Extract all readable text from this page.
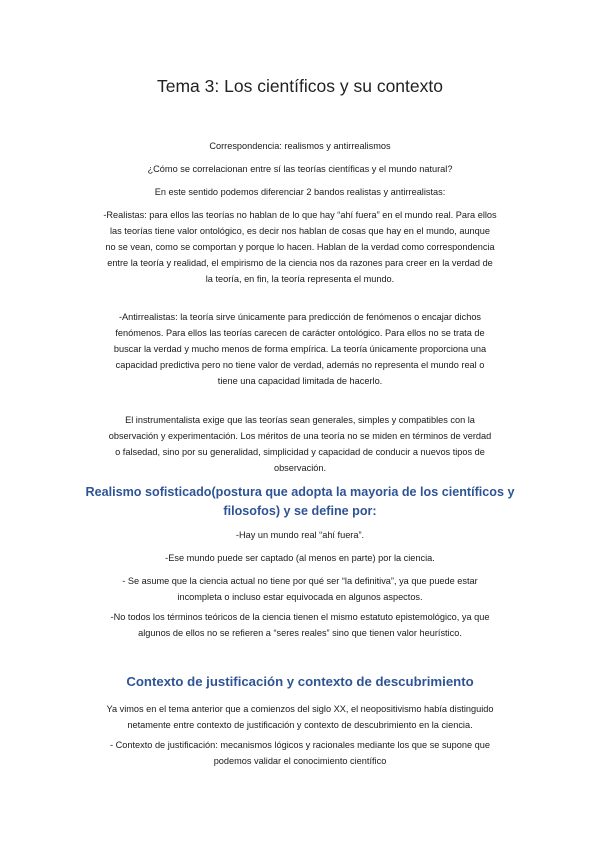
Tema 3: Los científicos y su contexto

Correspondencia: realismos y antirrealismos

¿Cómo se correlacionan entre sí las teorías científicas y el mundo natural?

En este sentido podemos diferenciar 2 bandos realistas y antirrealistas:

-Realistas: para ellos las teorías no hablan de lo que hay “ahí fuera” en el mundo real. Para ellos
las teorías tiene valor ontológico, es decir nos hablan de cosas que hay en el mundo, aunque
no se vean, como se comportan y porque lo hacen. Hablan de la verdad como correspondencia
entre la teoría y realidad, el empirismo de la ciencia nos da razones para creer en la verdad de
la teoría, en fin, la teoría representa el mundo.

-Antirrealistas: la teoría sirve únicamente para predicción de fenómenos o encajar dichos
fenómenos. Para ellos las teorías carecen de carácter ontológico. Para ellos no se trata de
buscar la verdad y mucho menos de forma empírica. La teoría únicamente proporciona una
capacidad predictiva pero no tiene valor de verdad, además no representa el mundo real o
tiene una capacidad limitada de hacerlo.

El instrumentalista exige que las teorías sean generales, simples y compatibles con la
observación y experimentación. Los méritos de una teoría no se miden en términos de verdad
o falsedad, sino por su generalidad, simplicidad y capacidad de conducir a nuevos tipos de
observación.

Realismo sofisticado(postura que adopta la mayoria de los científicos y
filosofos) y se define por:

-Hay un mundo real “ahí fuera”.

-Ese mundo puede ser captado (al menos en parte) por la ciencia.

- Se asume que la ciencia actual no tiene por qué ser “la definitiva”, ya que puede estar
incompleta o incluso estar equivocada en algunos aspectos.

-No todos los términos teóricos de la ciencia tienen el mismo estatuto epistemológico, ya que
algunos de ellos no se refieren a “seres reales” sino que tienen valor heurístico.

Contexto de justificación y contexto de descubrimiento

Ya vimos en el tema anterior que a comienzos del siglo XX, el neopositivismo había distinguido
netamente entre contexto de justificación y contexto de descubrimiento en la ciencia.

- Contexto de justificación: mecanismos lógicos y racionales mediante los que se supone que
podemos validar el conocimiento científico
